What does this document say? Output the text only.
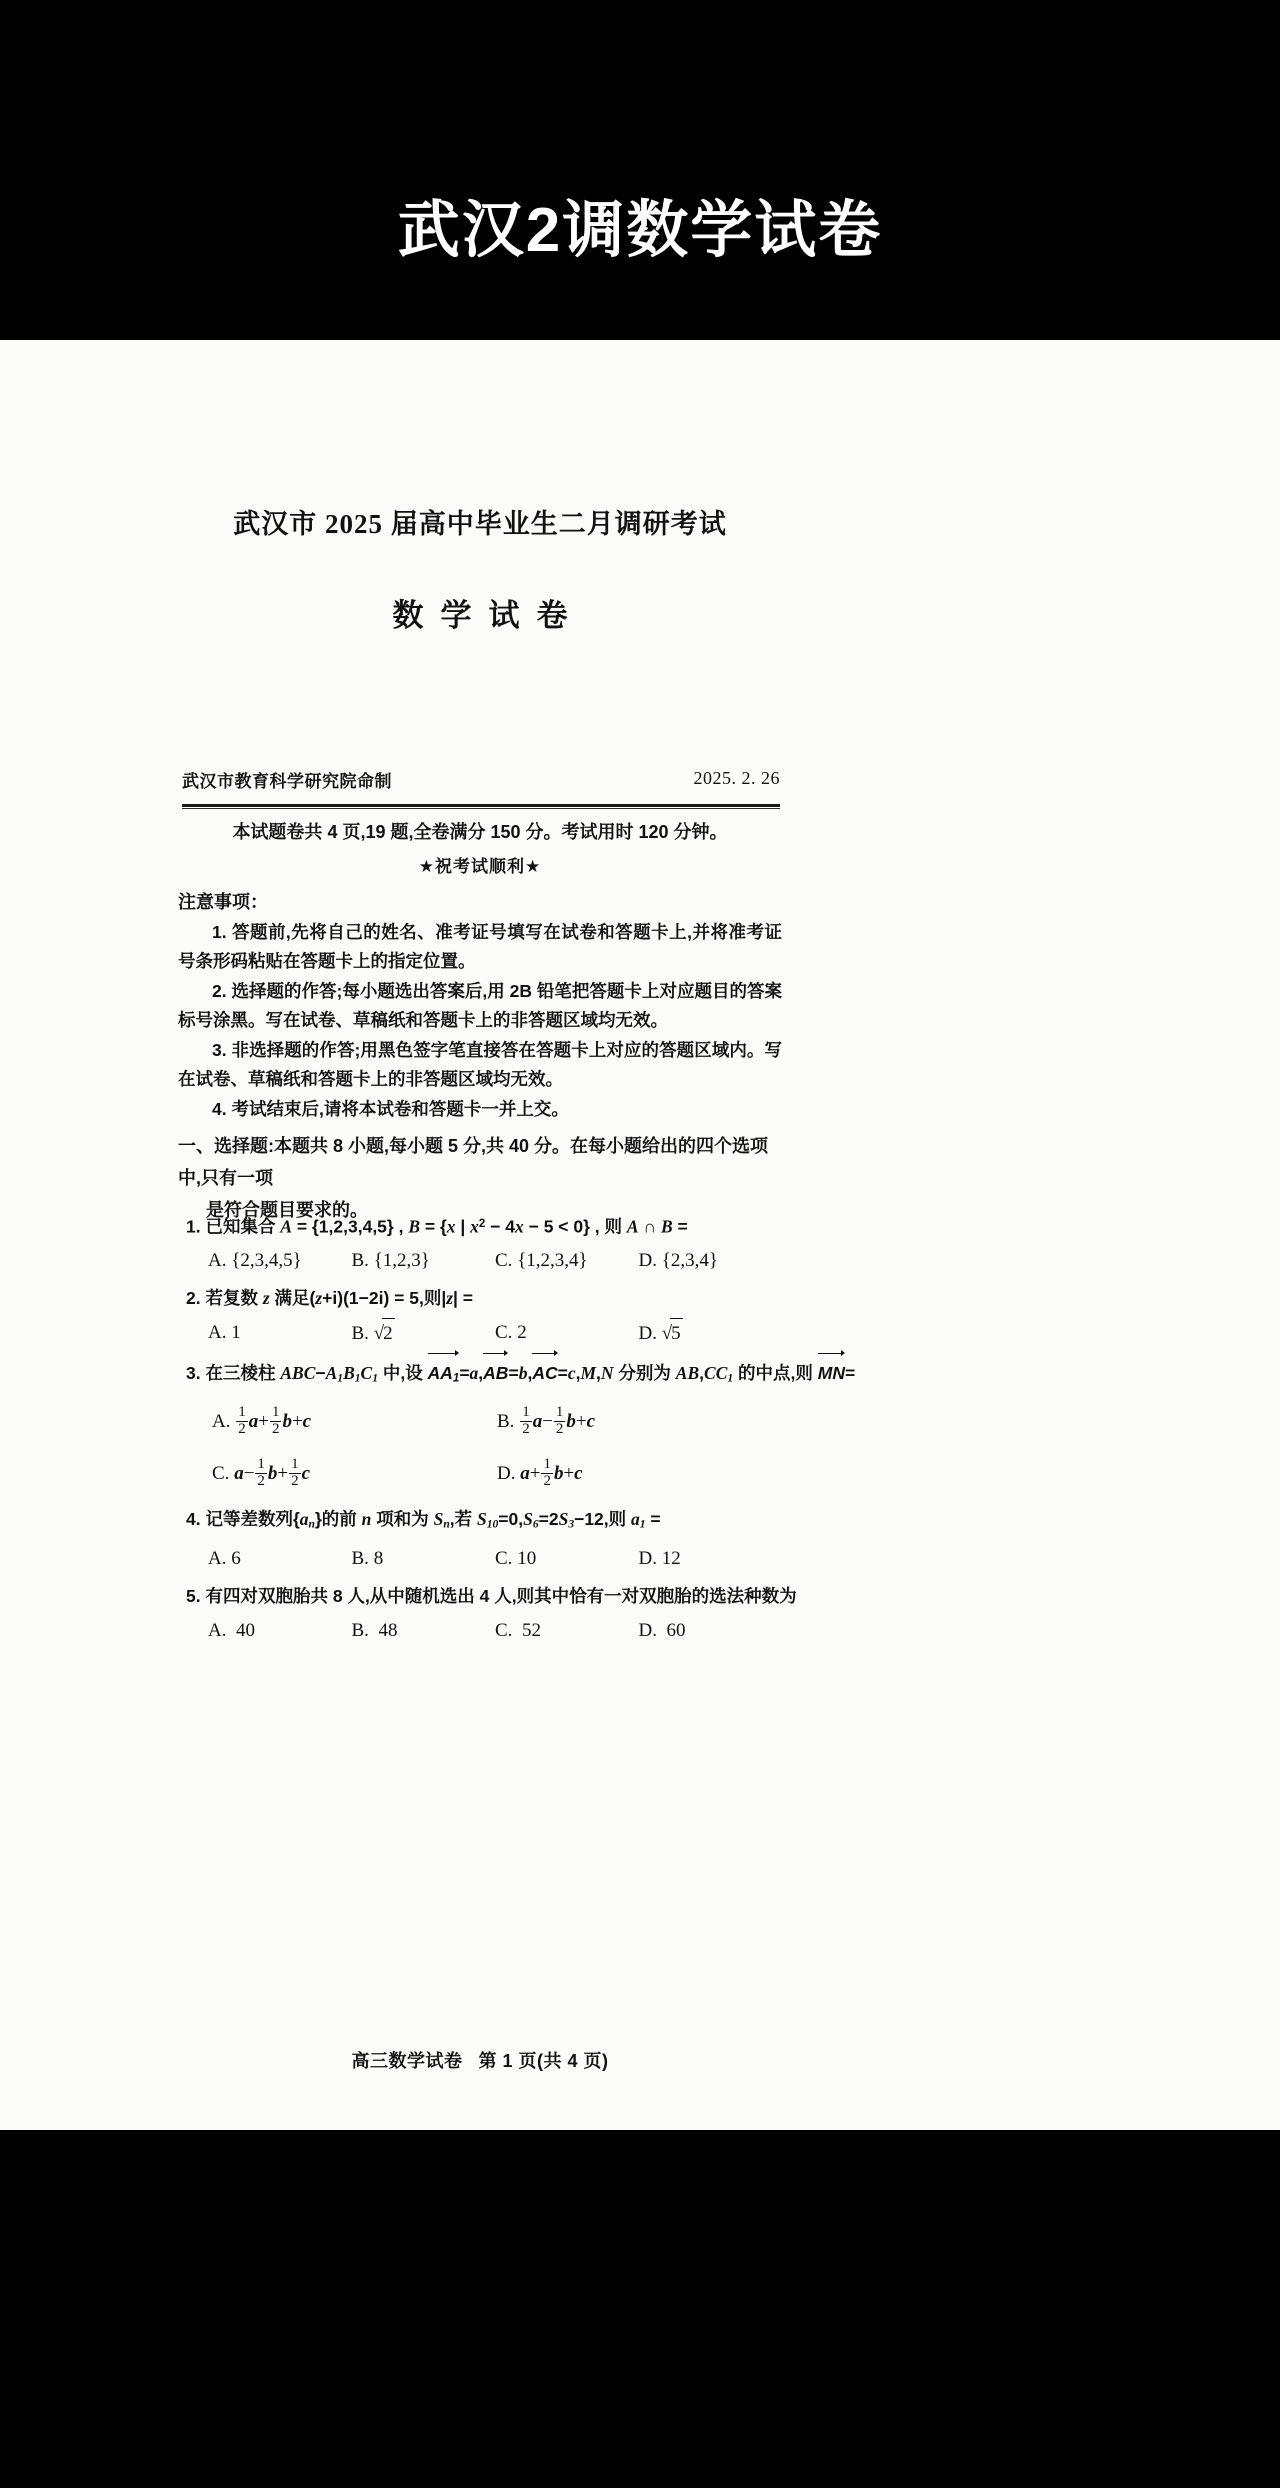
武汉2调数学试卷
武汉市 2025 届高中毕业生二月调研考试
数学试卷
武汉市教育科学研究院命制	2025. 2. 26
本试题卷共 4 页,19 题,全卷满分 150 分。考试用时 120 分钟。
★祝考试顺利★
注意事项：

1. 答题前,先将自己的姓名、准考证号填写在试卷和答题卡上,并将准考证号条形码粘贴在答题卡上的指定位置。

2. 选择题的作答;每小题选出答案后,用 2B 铅笔把答题卡上对应题目的答案标号涂黑。写在试卷、草稿纸和答题卡上的非答题区域均无效。

3. 非选择题的作答;用黑色签字笔直接答在答题卡上对应的答题区域内。写在试卷、草稿纸和答题卡上的非答题区域均无效。

4. 考试结束后,请将本试卷和答题卡一并上交。

一、选择题:本题共 8 小题,每小题 5 分,共 40 分。在每小题给出的四个选项中,只有一项
是符合题目要求的。
1. 已知集合 A = {1,2,3,4,5} , B = {x | $x^2 - 4x - 5 < 0$} , 则 A ∩ B =
A. {2,3,4,5}	B. {1,2,3}	C. {1,2,3,4}	D. {2,3,4}
2. 若复数 z 满足(z+i)(1−2i) = 5,则|z| =
A. 1	B. √2	C. 2	D. √5
3. 在三棱柱 $ABC-A_1B_1C_1$ 中,设 $AA_1=a,AB=b,AC=c,M,N$ 分别为 $AB,CC_1$ 的中点,则 MN=
A. $\frac{1}{2} a+ \frac{1}{2} b+c$	B. $\frac{1}{2} a- \frac{1}{2} b+c$
C. $a- \frac{1}{2} b+ \frac{1}{2}$ c	D. $a+ \frac{1}{2} b+c$
4. 记等差数列$\{a_n\}$的前 n 项和为 $S_n$,若 $S_{10}=0,S_6=2S_3-12$,则 $a_1$ =
A. 6	B. 8	C. 10	D. 12
5. 有四对双胞胎共 8 人,从中随机选出 4 人,则其中恰有一对双胞胎的选法种数为
A. 40	B. 48	C. 52	D. 60
高三数学试卷 第 1 页(共 4 页)
